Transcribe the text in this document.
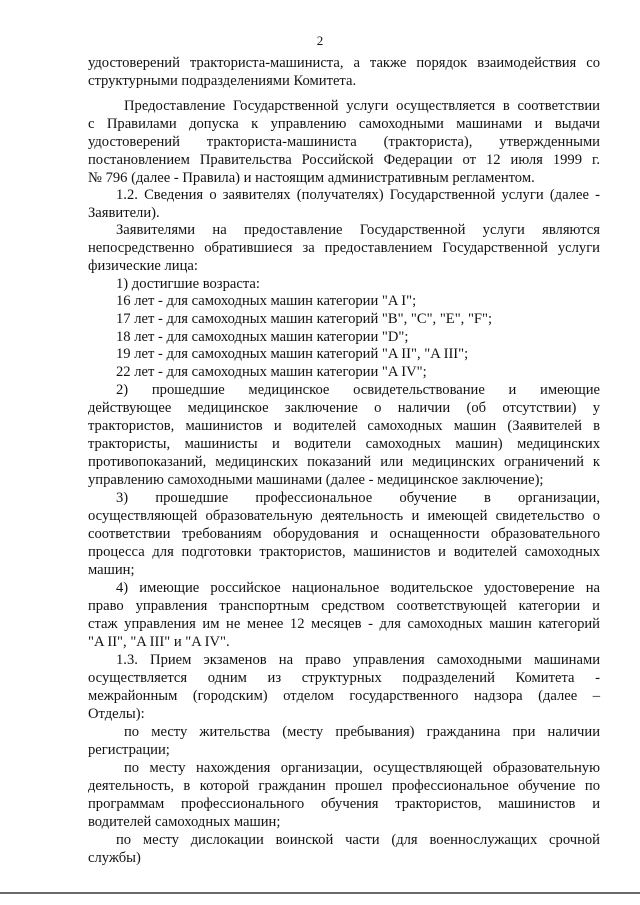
2
удостоверений тракториста-машиниста, а также порядок взаимодействия со
структурными подразделениями Комитета.
Предоставление Государственной услуги осуществляется в соответствии
с Правилами допуска к управлению самоходными машинами и выдачи
удостоверений тракториста-машиниста (тракториста), утвержденными
постановлением Правительства Российской Федерации от 12 июля 1999 г.
№ 796 (далее - Правила) и настоящим административным регламентом.
1.2. Сведения о заявителях (получателях) Государственной услуги (далее -
Заявители).
Заявителями на предоставление Государственной услуги являются
непосредственно обратившиеся за предоставлением Государственной услуги
физические лица:
1) достигшие возраста:
16 лет - для самоходных машин категории "A I";
17 лет - для самоходных машин категорий "B", "C", "E", "F";
18 лет - для самоходных машин категории "D";
19 лет - для самоходных машин категорий "A II", "A III";
22 лет - для самоходных машин категории "A IV";
2) прошедшие медицинское освидетельствование и имеющие
действующее медицинское заключение о наличии (об отсутствии) у
трактористов, машинистов и водителей самоходных машин (Заявителей в
трактористы, машинисты и водители самоходных машин) медицинских
противопоказаний, медицинских показаний или медицинских ограничений к
управлению самоходными машинами (далее - медицинское заключение);
3) прошедшие профессиональное обучение в организации,
осуществляющей образовательную деятельность и имеющей свидетельство о
соответствии требованиям оборудования и оснащенности образовательного
процесса для подготовки трактористов, машинистов и водителей самоходных
машин;
4) имеющие российское национальное водительское удостоверение на
право управления транспортным средством соответствующей категории и
стаж управления им не менее 12 месяцев - для самоходных машин категорий
"A II", "A III" и "A IV".
1.3. Прием экзаменов на право управления самоходными машинами
осуществляется одним из структурных подразделений Комитета -
межрайонным (городским) отделом государственного надзора (далее –
Отделы):
по месту жительства (месту пребывания) гражданина при наличии
регистрации;
по месту нахождения организации, осуществляющей образовательную
деятельность, в которой гражданин прошел профессиональное обучение по
программам профессионального обучения трактористов, машинистов и
водителей самоходных машин;
по месту дислокации воинской части (для военнослужащих срочной
службы)
